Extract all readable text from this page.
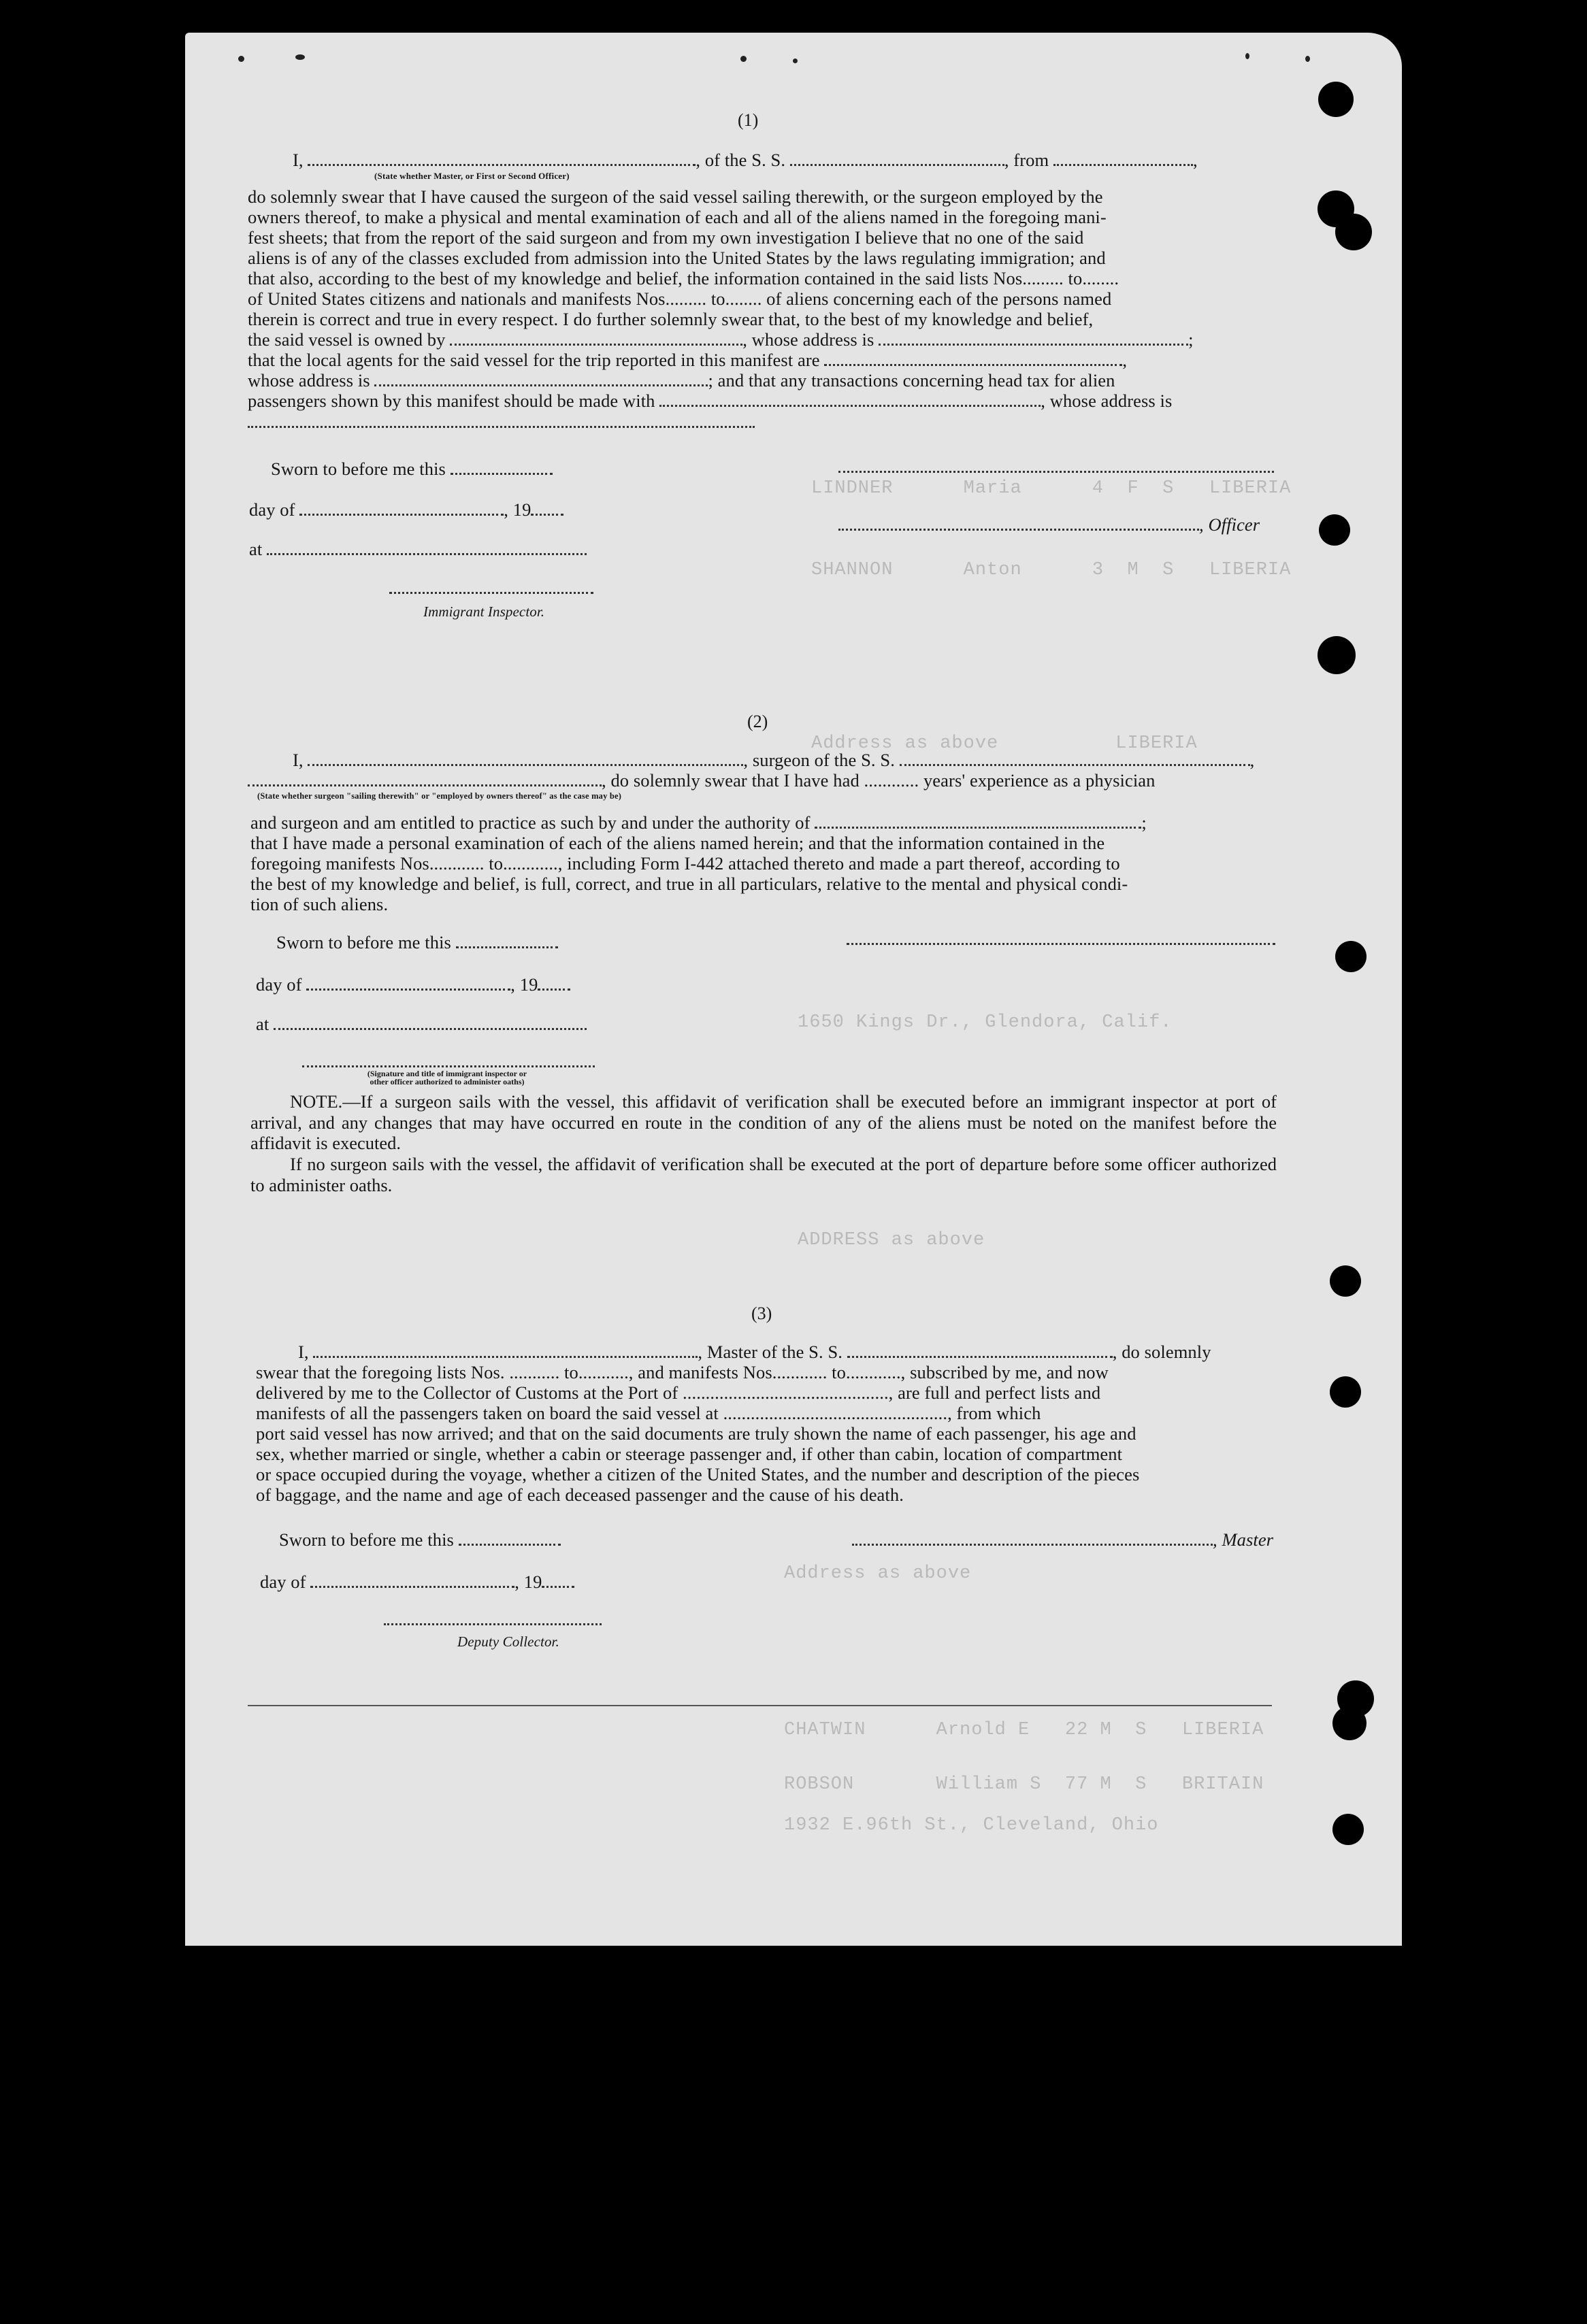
LINDNER      Maria      4  F  S   LIBERIA
SHANNON      Anton      3  M  S   LIBERIA
Address as above          LIBERIA
1650 Kings Dr., Glendora, Calif.
ADDRESS as above
Address as above
CHATWIN      Arnold E   22 M  S   LIBERIA
ROBSON       William S  77 M  S   BRITAIN
1932 E.96th St., Cleveland, Ohio
(1)
I,	, of the S. S.	, from	,
(State whether Master, or First or Second Officer)
do solemnly swear that I have caused the surgeon of the said vessel sailing therewith, or the surgeon employed by the
owners thereof, to make a physical and mental examination of each and all of the aliens named in the foregoing mani-
fest sheets; that from the report of the said surgeon and from my own investigation I believe that no one of the said
aliens is of any of the classes excluded from admission into the United States by the laws regulating immigration; and
that also, according to the best of my knowledge and belief, the information contained in the said lists Nos......... to........
of United States citizens and nationals and manifests Nos......... to........ of aliens concerning each of the persons named
therein is correct and true in every respect. I do further solemnly swear that, to the best of my knowledge and belief,
the said vessel is owned by	, whose address is	;
that the local agents for the said vessel for the trip reported in this manifest are	,
whose address is	; and that any transactions concerning head tax for alien
passengers shown by this manifest should be made with	, whose address is
Sworn to before me this
day of	, 19
, Officer
at
Immigrant Inspector.
(2)
I,	, surgeon of the S. S.	,
, do solemnly swear that I have had ............ years' experience as a physician
(State whether surgeon "sailing therewith" or "employed by owners thereof" as the case may be)
and surgeon and am entitled to practice as such by and under the authority of	;
that I have made a personal examination of each of the aliens named herein; and that the information contained in the
foregoing manifests Nos............ to............, including Form I-442 attached thereto and made a part thereof, according to
the best of my knowledge and belief, is full, correct, and true in all particulars, relative to the mental and physical condi-
tion of such aliens.
Sworn to before me this
day of	, 19
at
(Signature and title of immigrant inspector or
other officer authorized to administer oaths)
NOTE.—If a surgeon sails with the vessel, this affidavit of verification shall be executed before an immigrant inspector at port of arrival, and any changes that may have occurred en route in the condition of any of the aliens must be noted on the manifest before the affidavit is executed.
If no surgeon sails with the vessel, the affidavit of verification shall be executed at the port of departure before some officer authorized to administer oaths.
(3)
I,	, Master of the S. S.	, do solemnly
swear that the foregoing lists Nos. ........... to..........., and manifests Nos............ to............, subscribed by me, and now
delivered by me to the Collector of Customs at the Port of ............................................., are full and perfect lists and
manifests of all the passengers taken on board the said vessel at ................................................., from which
port said vessel has now arrived; and that on the said documents are truly shown the name of each passenger, his age and
sex, whether married or single, whether a cabin or steerage passenger and, if other than cabin, location of compartment
or space occupied during the voyage, whether a citizen of the United States, and the number and description of the pieces
of baggage, and the name and age of each deceased passenger and the cause of his death.
Sworn to before me this	, Master
day of	, 19
Deputy Collector.
